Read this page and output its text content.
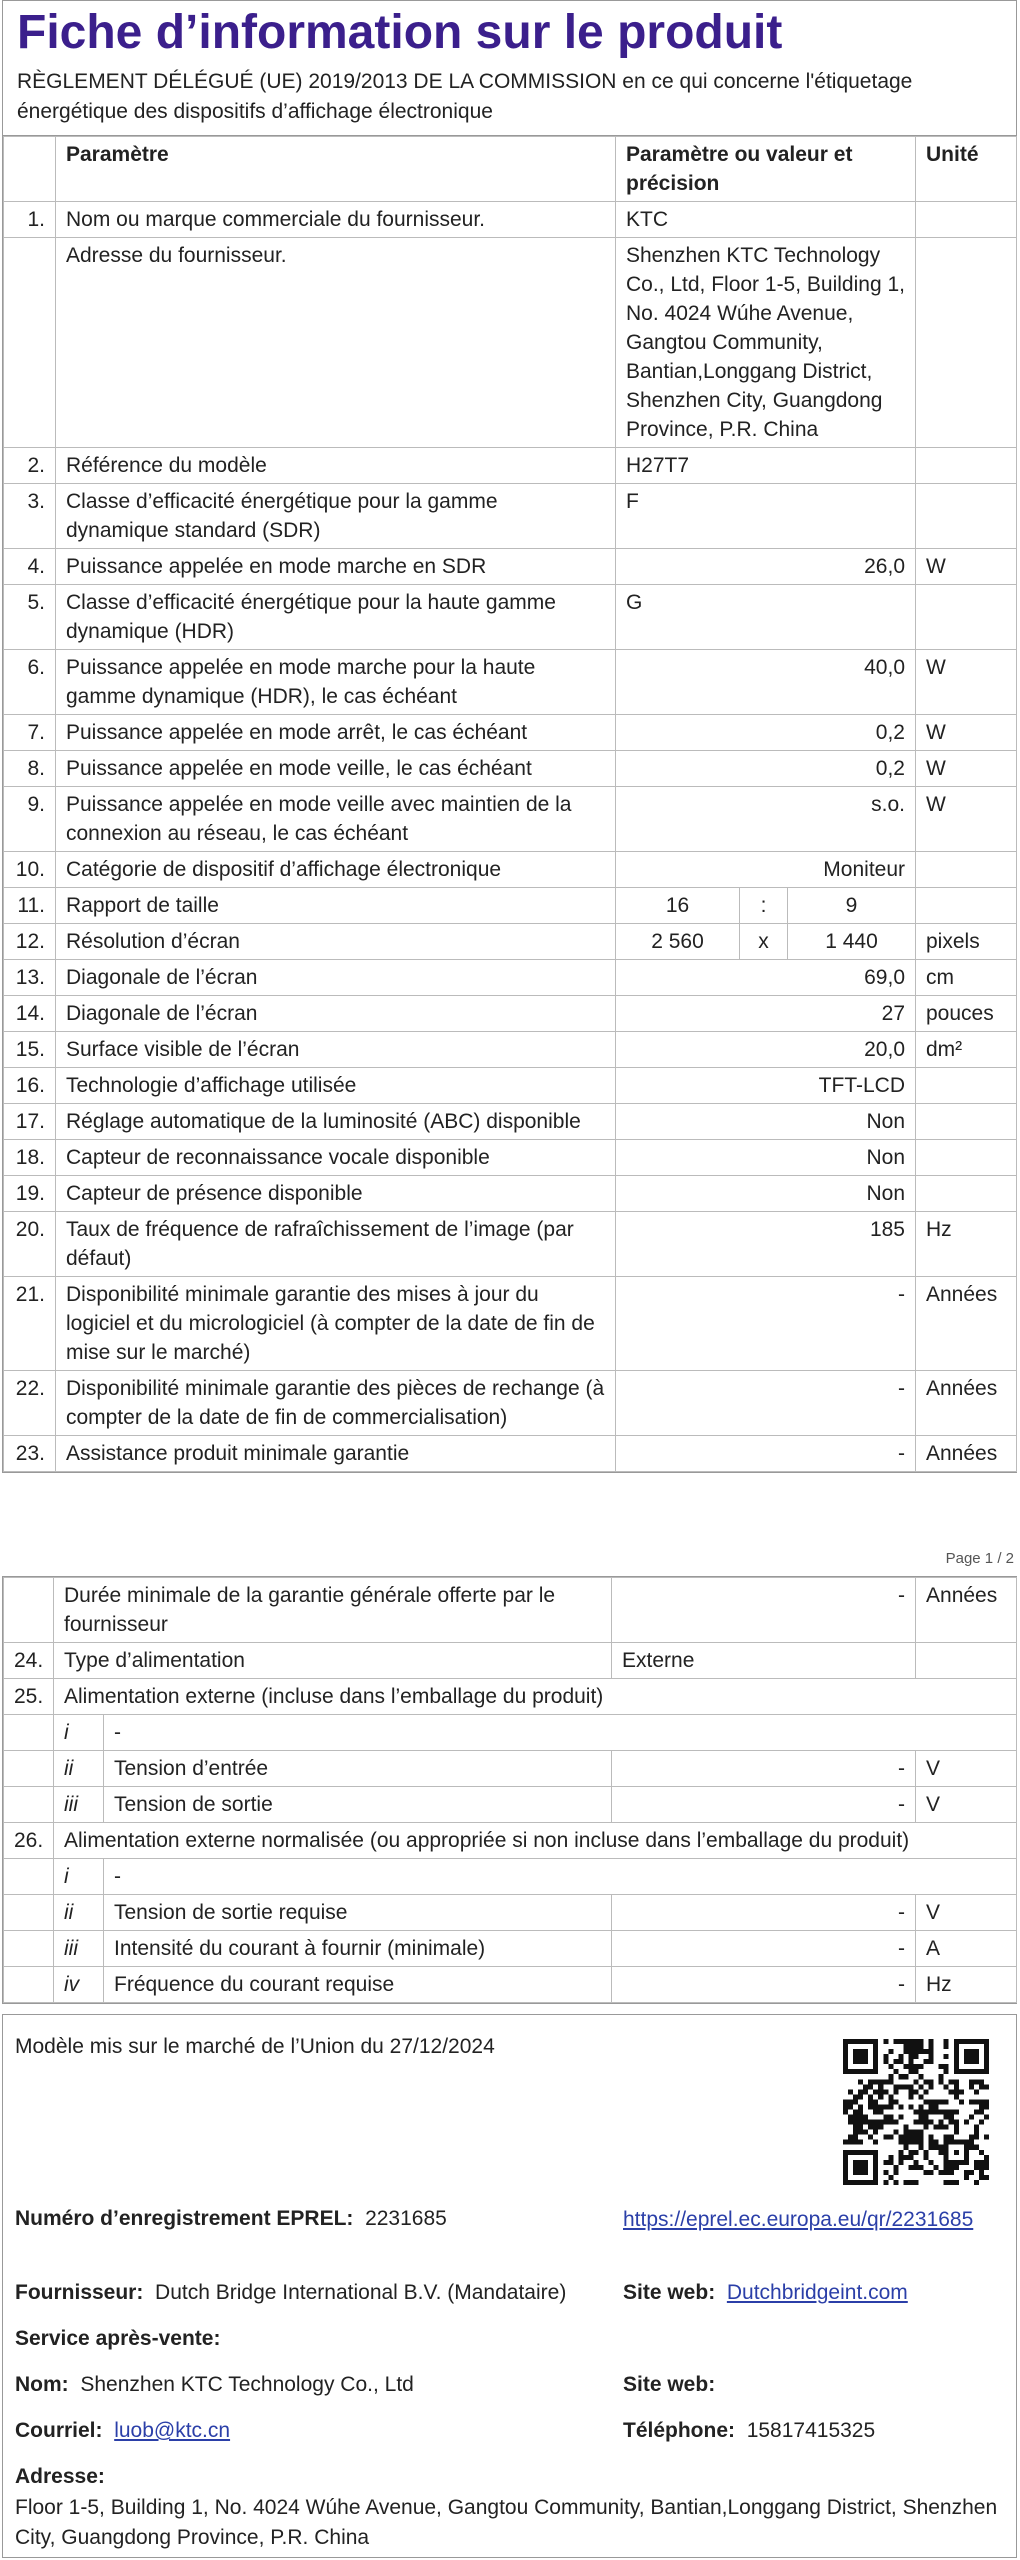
Fiche d’information sur le produit
RÈGLEMENT DÉLÉGUÉ (UE) 2019/2013 DE LA COMMISSION en ce qui concerne l'étiquetage énergétique des dispositifs d’affichage électronique
	Paramètre	Paramètre ou valeur et précision			Unité
1.	Nom ou marque commerciale du fournisseur.	KTC			
	Adresse du fournisseur.	Shenzhen KTC Technology Co., Ltd, Floor 1-5, Building 1, No. 4024 Wúhe Avenue, Gangtou Community, Bantian,Longgang District, Shenzhen City, Guangdong Province, P.R. China			
2.	Référence du modèle	H27T7			
3.	Classe d’efficacité énergétique pour la gamme dynamique standard (SDR)	F			
4.	Puissance appelée en mode marche en SDR	26,0			W
5.	Classe d’efficacité énergétique pour la haute gamme dynamique (HDR)	G			
6.	Puissance appelée en mode marche pour la haute gamme dynamique (HDR), le cas échéant	40,0			W
7.	Puissance appelée en mode arrêt, le cas échéant	0,2			W
8.	Puissance appelée en mode veille, le cas échéant	0,2			W
9.	Puissance appelée en mode veille avec maintien de la connexion au réseau, le cas échéant	s.o.			W
10.	Catégorie de dispositif d’affichage électronique	Moniteur			
11.	Rapport de taille	16	:	9	
12.	Résolution d’écran	2 560	x	1 440	pixels
13.	Diagonale de l’écran	69,0			cm
14.	Diagonale de l’écran	27			pouces
15.	Surface visible de l’écran	20,0			dm²
16.	Technologie d’affichage utilisée	TFT-LCD			
17.	Réglage automatique de la luminosité (ABC) disponible	Non			
18.	Capteur de reconnaissance vocale disponible	Non			
19.	Capteur de présence disponible	Non			
20.	Taux de fréquence de rafraîchissement de l’image (par défaut)	185			Hz
21.	Disponibilité minimale garantie des mises à jour du logiciel et du micrologiciel (à compter de la date de fin de mise sur le marché)	-			Années
22.	Disponibilité minimale garantie des pièces de rechange (à compter de la date de fin de commercialisation)	-			Années
23.	Assistance produit minimale garantie	-			Années
Page 1 / 2
	Durée minimale de la garantie générale offerte par le fournisseur		-	Années
24.	Type d’alimentation		Externe	
25.	Alimentation externe (incluse dans l’emballage du produit)			
	i	-		
	ii	Tension d’entrée	-	V
	iii	Tension de sortie	-	V
26.	Alimentation externe normalisée (ou appropriée si non incluse dans l’emballage du produit)			
	i	-		
	ii	Tension de sortie requise	-	V
	iii	Intensité du courant à fournir (minimale)	-	A
	iv	Fréquence du courant requise	-	Hz
Modèle mis sur le marché de l’Union du 27/12/2024
Numéro d’enregistrement EPREL: 2231685	https://eprel.ec.europa.eu/qr/2231685
Fournisseur: Dutch Bridge International B.V. (Mandataire)	Site web: Dutchbridgeint.com
Service après-vente:
Nom: Shenzhen KTC Technology Co., Ltd	Site web:
Courriel: luob@ktc.cn	Téléphone: 15817415325
Adresse:
Floor 1-5, Building 1, No. 4024 Wúhe Avenue, Gangtou Community, Bantian,Longgang District, Shenzhen City, Guangdong Province, P.R. China
